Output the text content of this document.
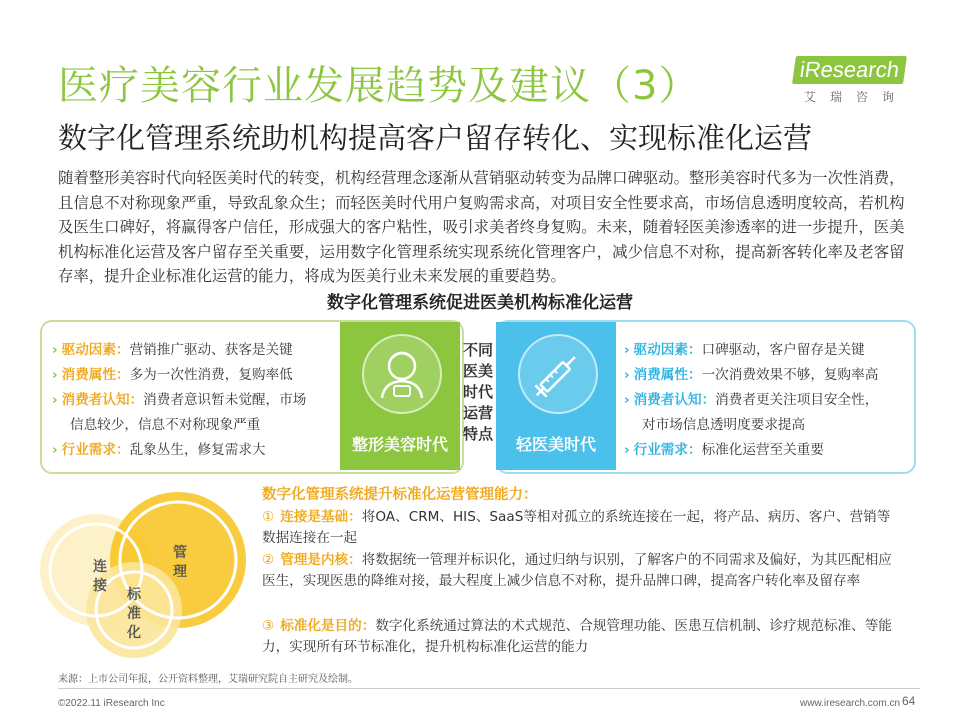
医疗美容行业发展趋势及建议（3）
数字化管理系统助机构提高客户留存转化、实现标准化运营
iResearch
艾瑞咨询
随着整形美容时代向轻医美时代的转变，机构经营理念逐渐从营销驱动转变为品牌口碑驱动。整形美容时代多为一次性消费，且信息不对称现象严重，导致乱象众生；而轻医美时代用户复购需求高，对项目安全性要求高，市场信息透明度较高，若机构及医生口碑好，将赢得客户信任，形成强大的客户粘性，吸引求美者终身复购。未来，随着轻医美渗透率的进一步提升，医美机构标准化运营及客户留存至关重要，运用数字化管理系统实现系统化管理客户，减少信息不对称，提高新客转化率及老客留存率，提升企业标准化运营的能力，将成为医美行业未来发展的重要趋势。
数字化管理系统促进医美机构标准化运营
› 驱动因素：营销推广驱动、获客是关键
› 消费属性：多为一次性消费，复购率低
› 消费者认知：消费者意识暂未觉醒，市场
信息较少，信息不对称现象严重
› 行业需求：乱象丛生，修复需求大
› 驱动因素：口碑驱动，客户留存是关键
› 消费属性：一次消费效果不够，复购率高
› 消费者认知：消费者更关注项目安全性，
对市场信息透明度要求提高
› 行业需求：标准化运营至关重要
整形美容时代	轻医美时代
不同医美时代运营特点
连接
管理
标准化
数字化管理系统提升标准化运营管理能力：
① 连接是基础：将OA、CRM、HIS、SaaS等相对孤立的系统连接在一起，将产品、病历、客户、营销等数据连接在一起
② 管理是内核：将数据统一管理并标识化，通过归纳与识别，了解客户的不同需求及偏好，为其匹配相应医生，实现医患的降维对接，最大程度上减少信息不对称，提升品牌口碑，提高客户转化率及留存率
③ 标准化是目的：数字化系统通过算法的术式规范、合规管理功能、医患互信机制、诊疗规范标准、等能力，实现所有环节标准化，提升机构标准化运营的能力
来源：上市公司年报，公开资料整理，艾瑞研究院自主研究及绘制。
©2022.11 iResearch Inc	www.iresearch.com.cn 64
